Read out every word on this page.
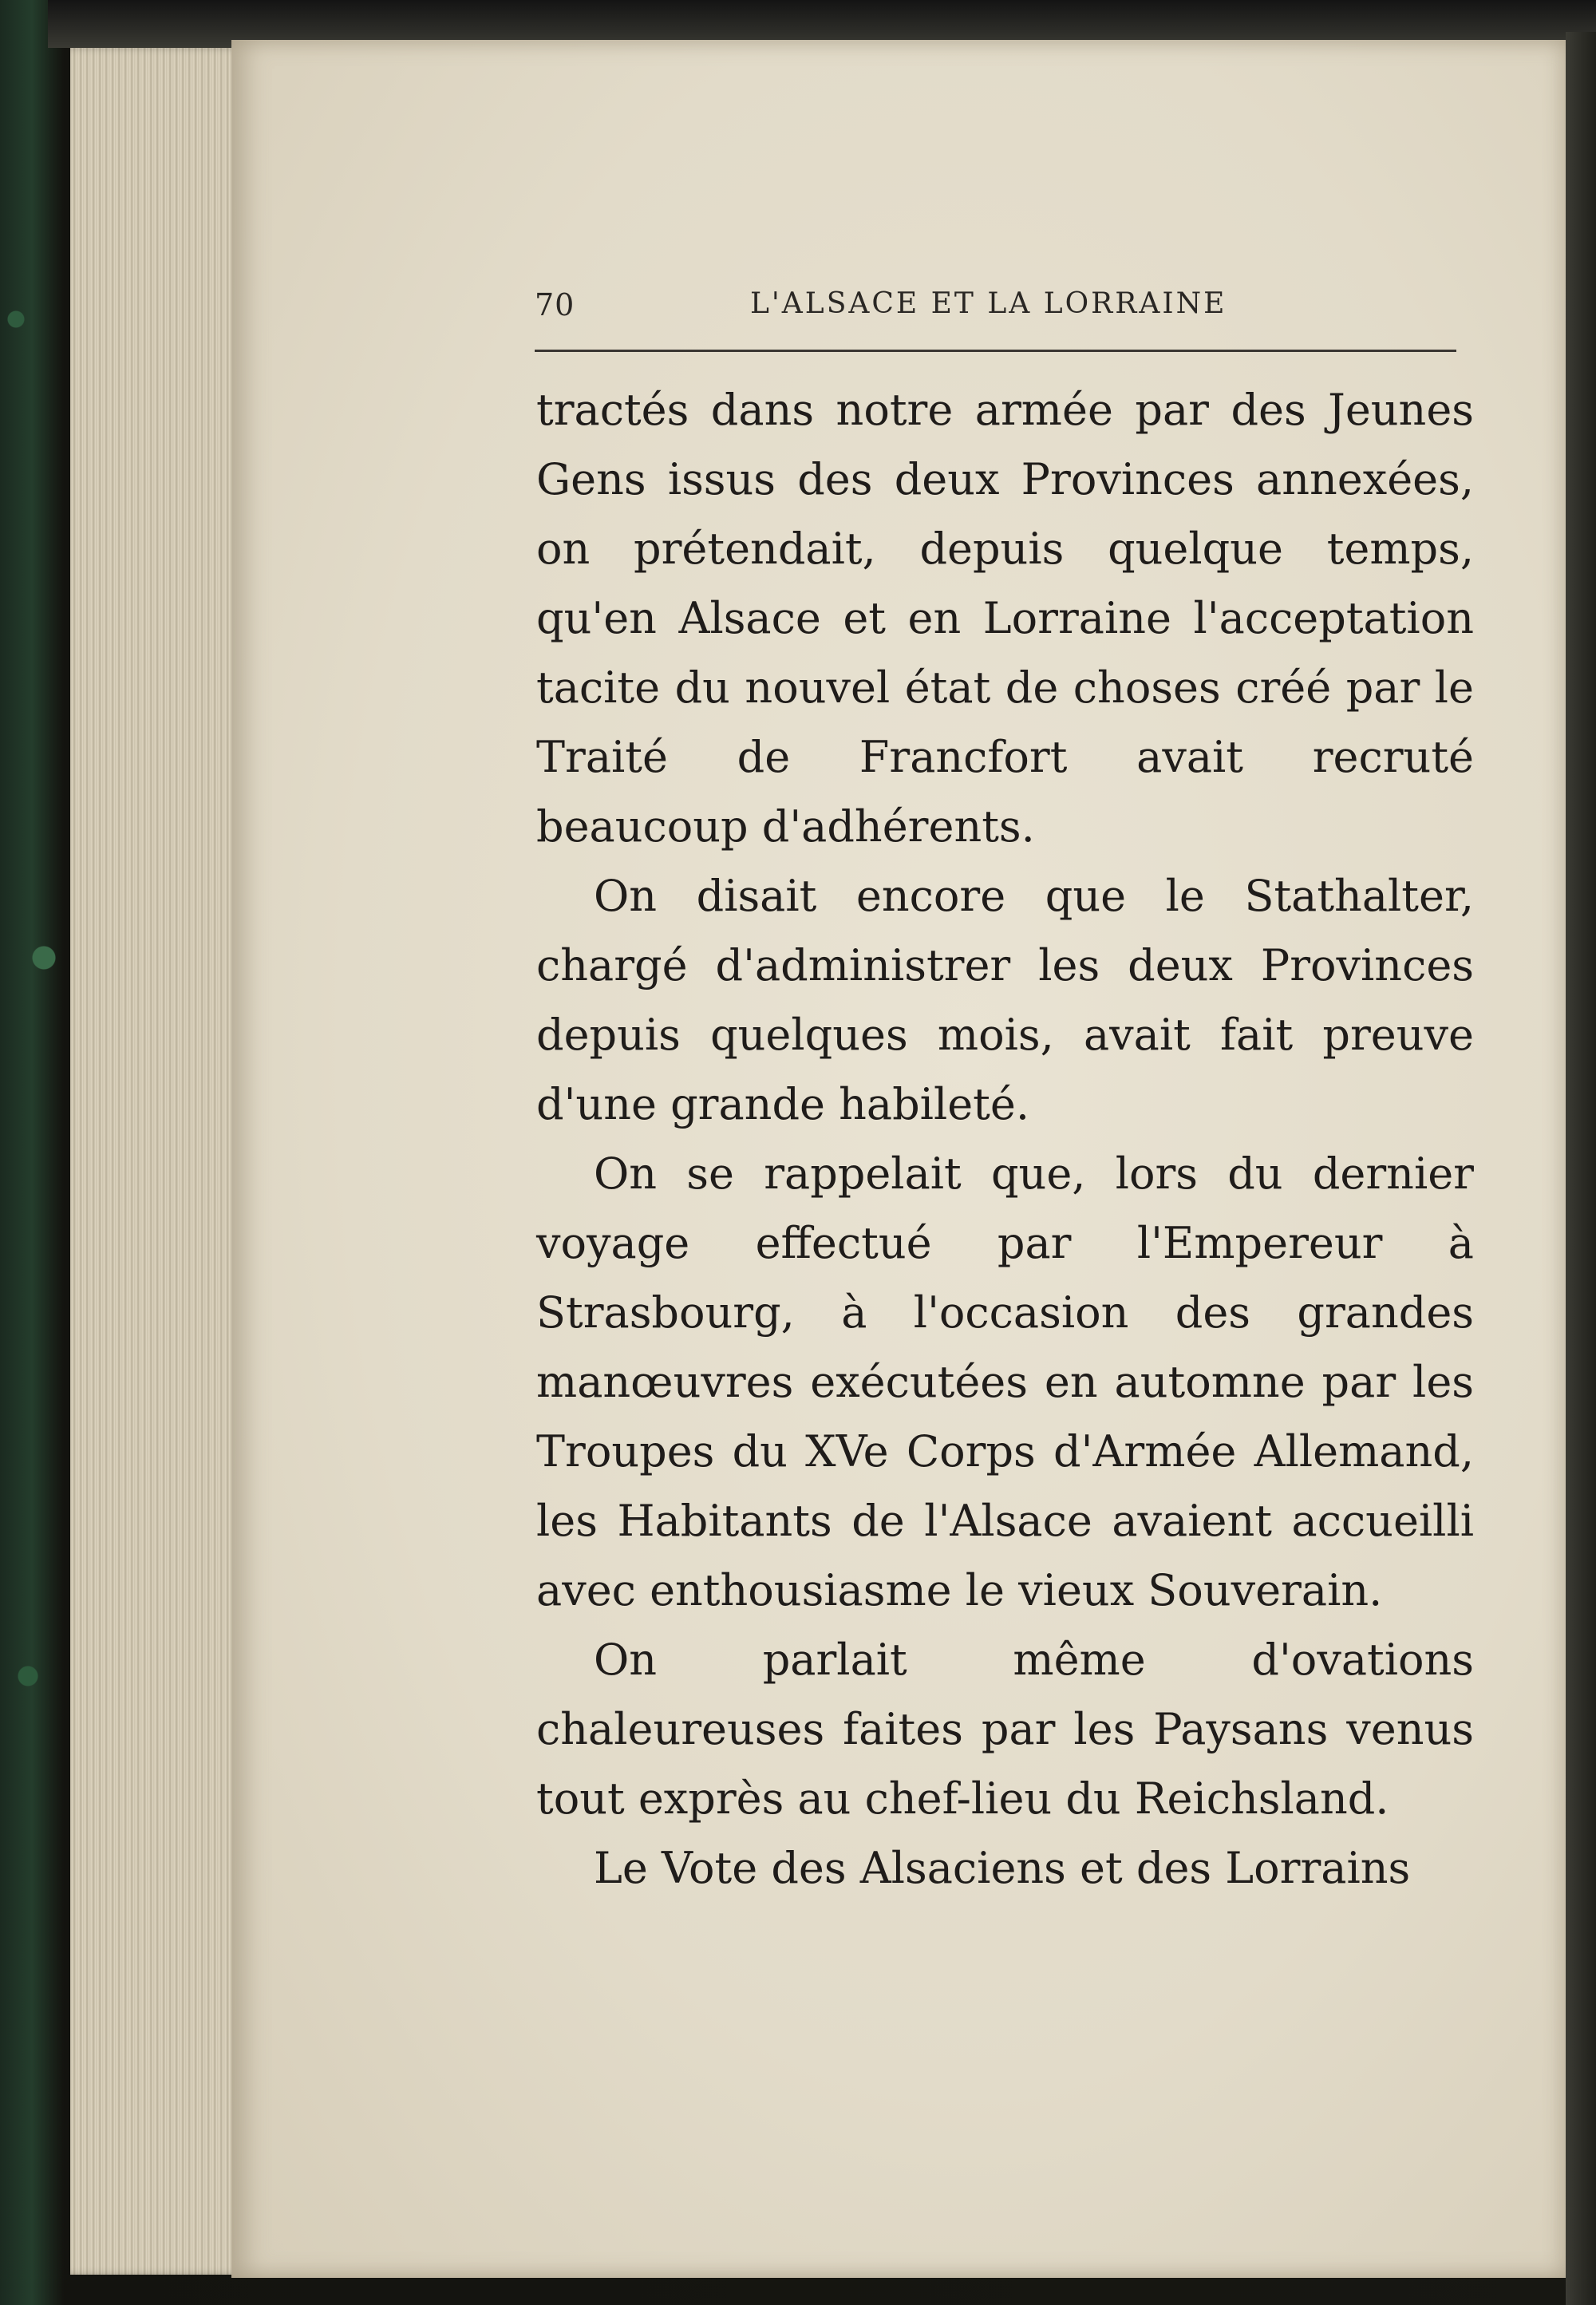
70	L'ALSACE ET LA LORRAINE

tractés dans notre armée par des Jeunes Gens issus des deux Provinces annexées, on prétendait, depuis quelque temps, qu'en Alsace et en Lorraine l'acceptation tacite du nouvel état de choses créé par le Traité de Francfort avait recruté beaucoup d'adhérents.

On disait encore que le Stathalter, chargé d'administrer les deux Provinces depuis quelques mois, avait fait preuve d'une grande habileté.

On se rappelait que, lors du dernier voyage effectué par l'Empereur à Strasbourg, à l'occasion des grandes manœuvres exécutées en automne par les Troupes du XVe Corps d'Armée Allemand, les Habitants de l'Alsace avaient accueilli avec enthousiasme le vieux Souverain.

On parlait même d'ovations chaleureuses faites par les Paysans venus tout exprès au chef-lieu du Reichsland.

Le Vote des Alsaciens et des Lorrains
